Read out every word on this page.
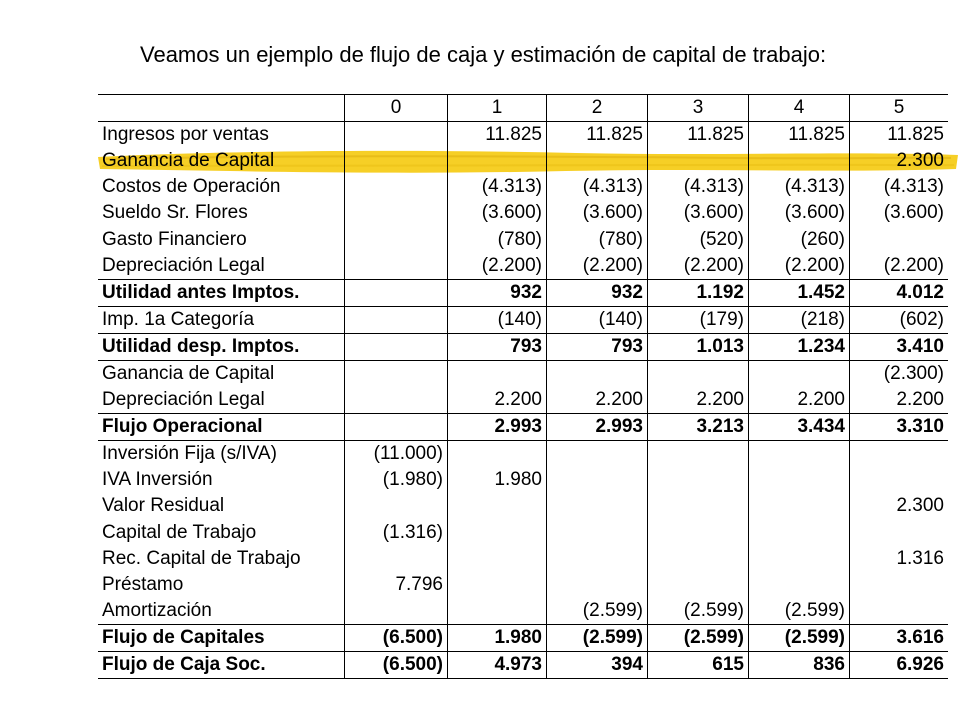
Veamos un ejemplo de flujo de caja y estimación de capital de trabajo:
	0	1	2	3	4	5
Ingresos por ventas		11.825	11.825	11.825	11.825	11.825
Ganancia de Capital						2.300
Costos de Operación		(4.313)	(4.313)	(4.313)	(4.313)	(4.313)
Sueldo Sr. Flores		(3.600)	(3.600)	(3.600)	(3.600)	(3.600)
Gasto Financiero		(780)	(780)	(520)	(260)	
Depreciación Legal		(2.200)	(2.200)	(2.200)	(2.200)	(2.200)
Utilidad antes Imptos.		932	932	1.192	1.452	4.012
Imp. 1a Categoría		(140)	(140)	(179)	(218)	(602)
Utilidad desp. Imptos.		793	793	1.013	1.234	3.410
Ganancia de Capital						(2.300)
Depreciación Legal		2.200	2.200	2.200	2.200	2.200
Flujo Operacional		2.993	2.993	3.213	3.434	3.310
Inversión Fija (s/IVA)	(11.000)					
IVA Inversión	(1.980)	1.980				
Valor Residual						2.300
Capital de Trabajo	(1.316)					
Rec. Capital de Trabajo						1.316
Préstamo	7.796					
Amortización			(2.599)	(2.599)	(2.599)	
Flujo de Capitales	(6.500)	1.980	(2.599)	(2.599)	(2.599)	3.616
Flujo de Caja Soc.	(6.500)	4.973	394	615	836	6.926
